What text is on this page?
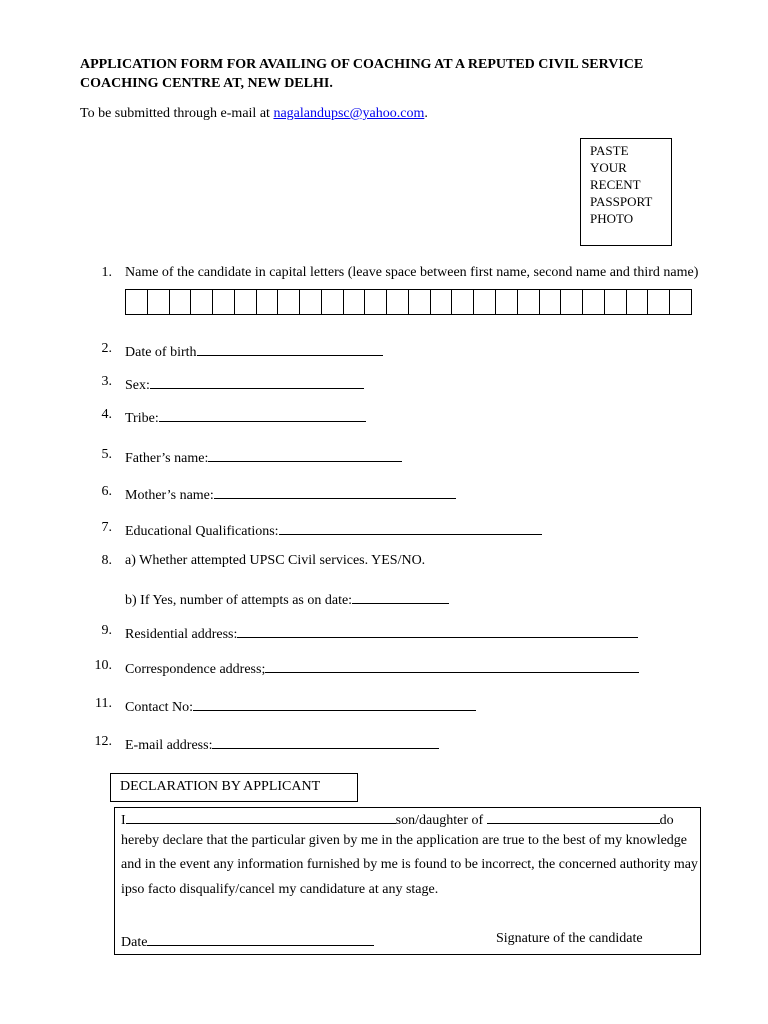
APPLICATION FORM FOR AVAILING OF COACHING AT A REPUTED CIVIL SERVICE
COACHING CENTRE AT, NEW DELHI.
To be submitted through e-mail at nagalandupsc@yahoo.com.
PASTE
YOUR
RECENT
PASSPORT
PHOTO
1. Name of the candidate in capital letters (leave space between first name, second name and third name)
2. Date of birth
3. Sex:
4. Tribe:
5. Father’s name:
6. Mother’s name:
7. Educational Qualifications:
8. a) Whether attempted UPSC Civil services. YES/NO.
b) If Yes, number of attempts as on date:
9. Residential address:
10. Correspondence address;
11. Contact No:
12. E-mail address:
DECLARATION BY APPLICANT
I	son/daughter of	do
hereby declare that the particular given by me in the application are true to the best of my knowledge
and in the event any information furnished by me is found to be incorrect, the concerned authority may
ipso facto disqualify/cancel my candidature at any stage.
Date	Signature of the candidate
